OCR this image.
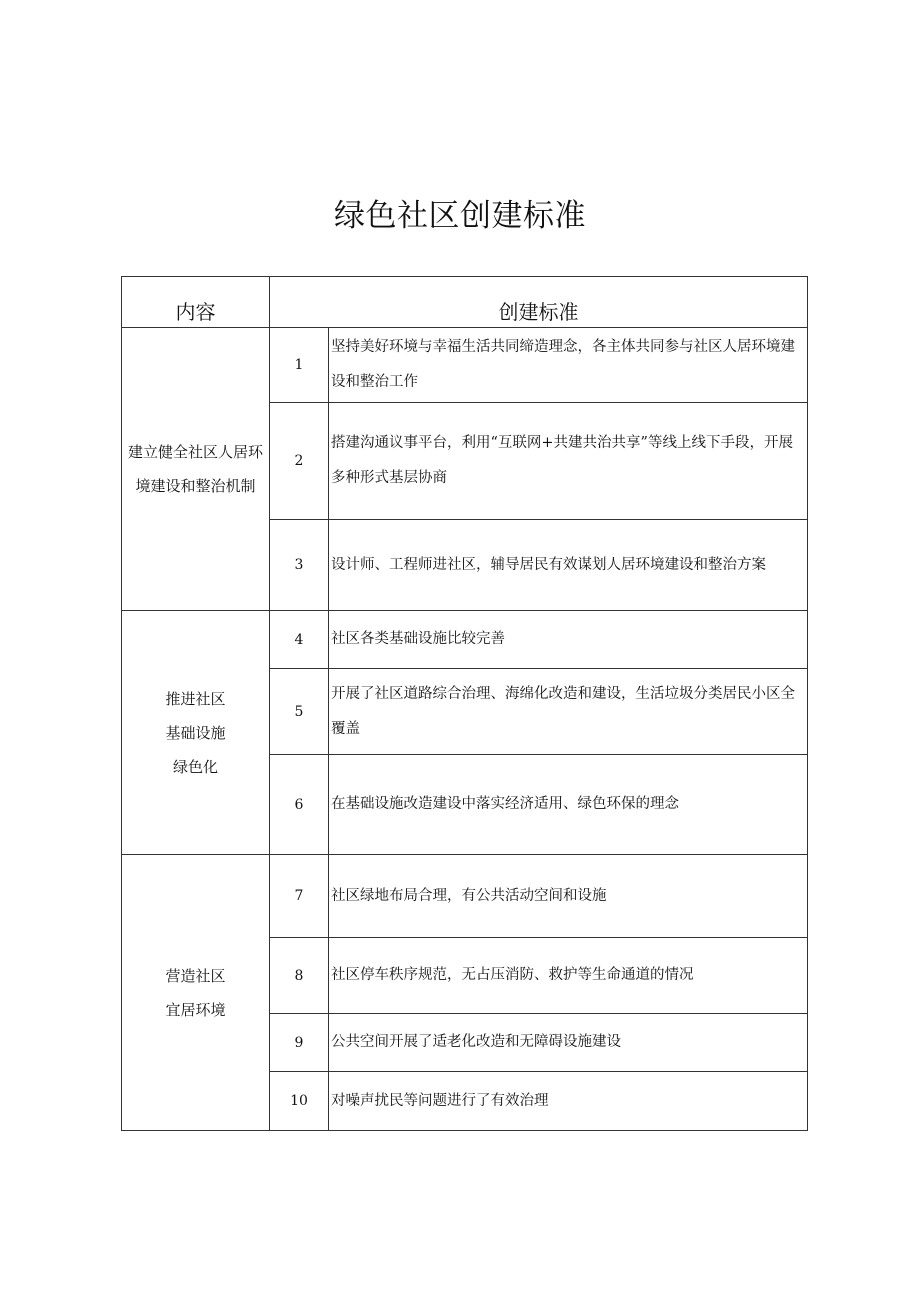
绿色社区创建标准
内容	创建标准	
建立健全社区人居环境建设和整治机制	1	坚持美好环境与幸福生活共同缔造理念，各主体共同参与社区人居环境建设和整治工作
	2	搭建沟通议事平台，利用“互联网+共建共治共享”等线上线下手段，开展多种形式基层协商
	3	设计师、工程师进社区，辅导居民有效谋划人居环境建设和整治方案

推进社区
基础设施
绿色化	4	社区各类基础设施比较完善
	5	开展了社区道路综合治理、海绵化改造和建设，生活垃圾分类居民小区全覆盖
	6	在基础设施改造建设中落实经济适用、绿色环保的理念

营造社区
宜居环境	7	社区绿地布局合理，有公共活动空间和设施
	8	社区停车秩序规范，无占压消防、救护等生命通道的情况
	9	公共空间开展了适老化改造和无障碍设施建设
	10	对噪声扰民等问题进行了有效治理
